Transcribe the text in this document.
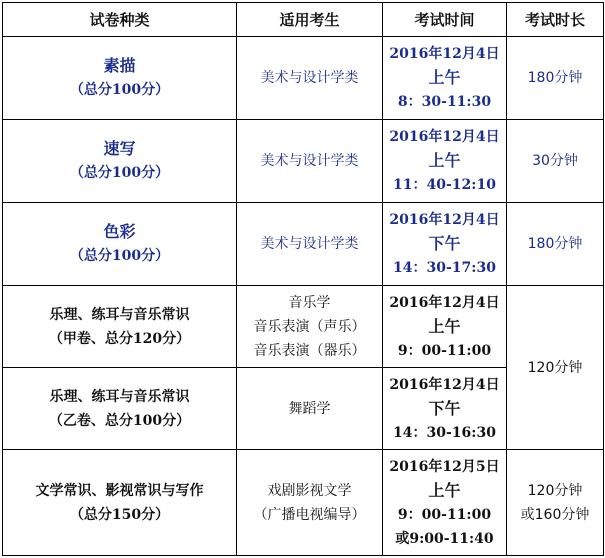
试卷种类	适用考生	考试时间	考试时长

素描
（总分100分）	美术与设计学类	2016年12月4日
上午
8：30-11:30	180分钟

速写
（总分100分）	美术与设计学类	2016年12月4日
上午
11：40-12:10	30分钟

色彩
（总分100分）	美术与设计学类	2016年12月4日
下午
14：30-17:30	180分钟

乐理、练耳与音乐常识
（甲卷、总分120分）	音乐学
音乐表演（声乐）
音乐表演（器乐）	2016年12月4日
上午
9：00-11:00	120分钟

乐理、练耳与音乐常识
（乙卷、总分100分）	舞蹈学	2016年12月4日
下午
14：30-16:30	

文学常识、影视常识与写作
（总分150分）	戏剧影视文学
（广播电视编导）	2016年12月5日
上午
9：00-11:00
或9:00-11:40	120分钟
或160分钟
